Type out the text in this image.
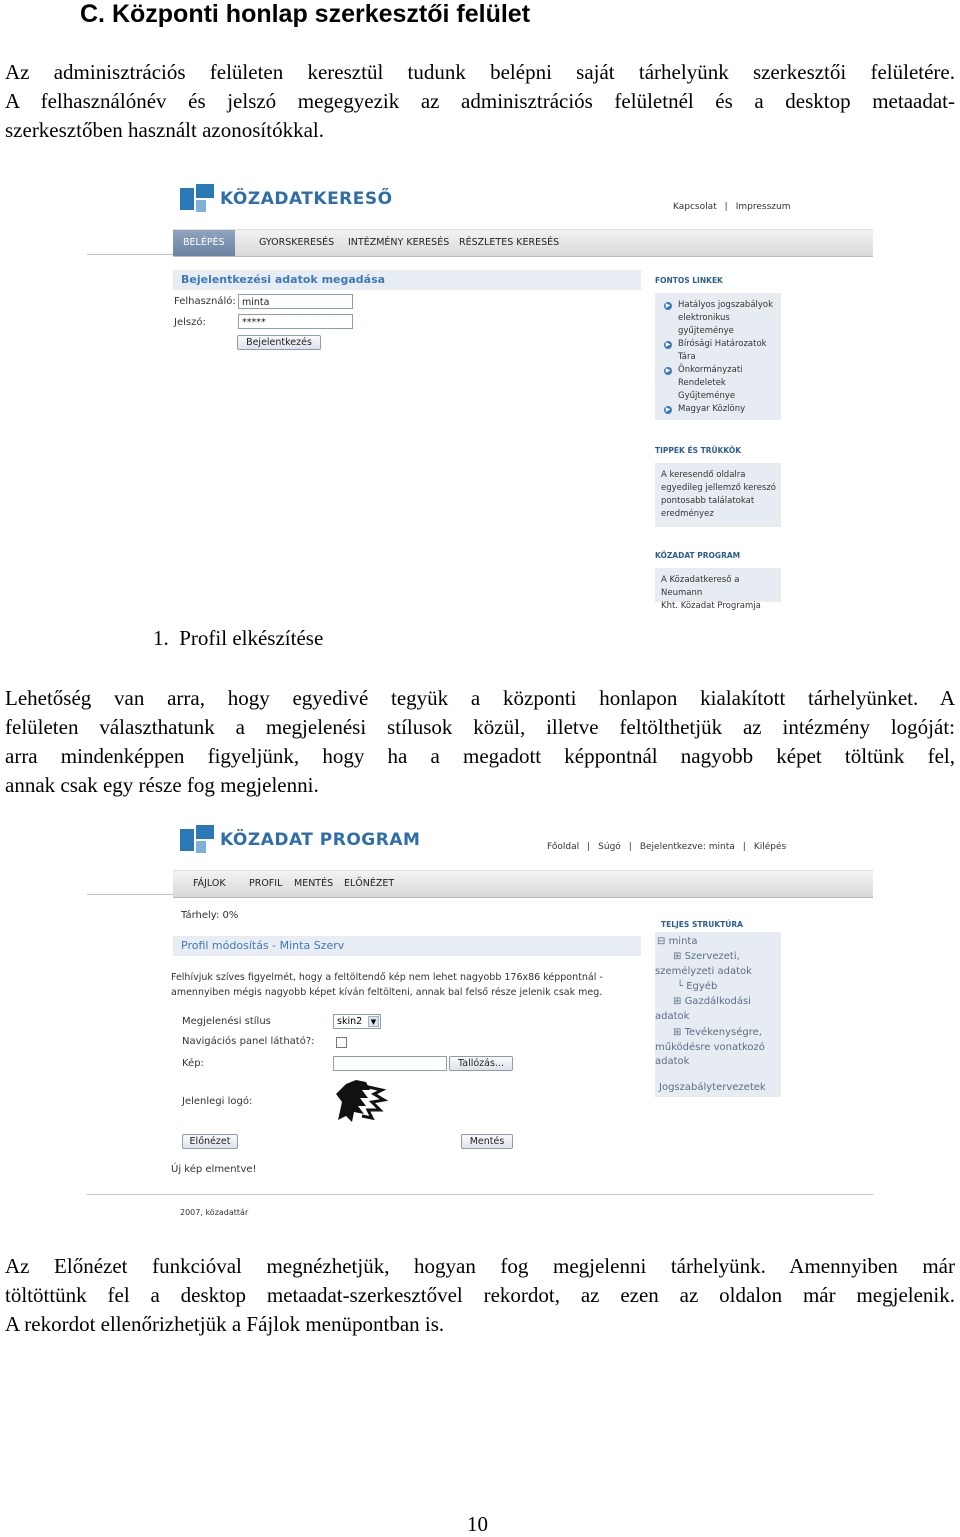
C. Központi honlap szerkesztői felület

Az adminisztrációs felületen keresztül tudunk belépni saját tárhelyünk szerkesztői felületére.
A felhasználónév és jelszó megegyezik az adminisztrációs felületnél és a desktop metaadat-
szerkesztőben használt azonosítókkal.

KÖZADATKERESŐ	Kapcsolat | Impresszum
BELÉPÉS	GYORSKERESÉS INTÉZMÉNY KERESÉS RÉSZLETES KERESÉS
Bejelentkezési adatok megadása
Felhasználó: minta
Jelszó:	*****
Bejelentkezés
FONTOS LINKEK
▶ Hatályos jogszabályok
elektronikus
gyűjteménye
▶ Bírósági Határozatok
Tára
▶ Önkormányzati
Rendeletek
Gyűjteménye
▶ Magyar Közlöny
TIPPEK ÉS TRÜKKÖK
A keresendő oldalra
egyedileg jellemző kereszó
pontosabb találatokat
eredményez
KÖZADAT PROGRAM
A Közadatkereső a Neumann
Kht. Közadat Programja
1. Profil elkészítése

Lehetőség van arra, hogy egyedivé tegyük a központi honlapon kialakított tárhelyünket. A
felületen választhatunk a megjelenési stílusok közül, illetve feltölthetjük az intézmény logóját:
arra mindenképpen figyeljünk, hogy ha a megadott képpontnál nagyobb képet töltünk fel,
annak csak egy része fog megjelenni.

KÖZADAT PROGRAM	Főoldal | Súgó | Bejelentkezve: minta | Kilépés
FÁJLOK PROFIL MENTÉS ELŐNÉZET
Tárhely: 0%
Profil módosítás - Minta Szerv
Felhívjuk szíves figyelmét, hogy a feltöltendő kép nem lehet nagyobb 176x86 képpontnál -
amennyiben mégis nagyobb képet kíván feltölteni, annak bal felső része jelenik csak meg.
Megjelenési stílus	skin2	▼
Navigációs panel látható?:
Kép:	Tallózás...
Jelenlegi logó:
Előnézet	Mentés
Új kép elmentve!
2007, közadattár
TELJES STRUKTÚRA
⊟ minta
⊞ Szervezeti,
személyzeti adatok
└ Egyéb
⊞ Gazdálkodási
adatok
⊞ Tevékenységre,
működésre vonatkozó
adatok
Jogszabálytervezetek

Az Előnézet funkcióval megnézhetjük, hogyan fog megjelenni tárhelyünk. Amennyiben már
töltöttünk fel a desktop metaadat-szerkesztővel rekordot, az ezen az oldalon már megjelenik.
A rekordot ellenőrizhetjük a Fájlok menüpontban is.

10
